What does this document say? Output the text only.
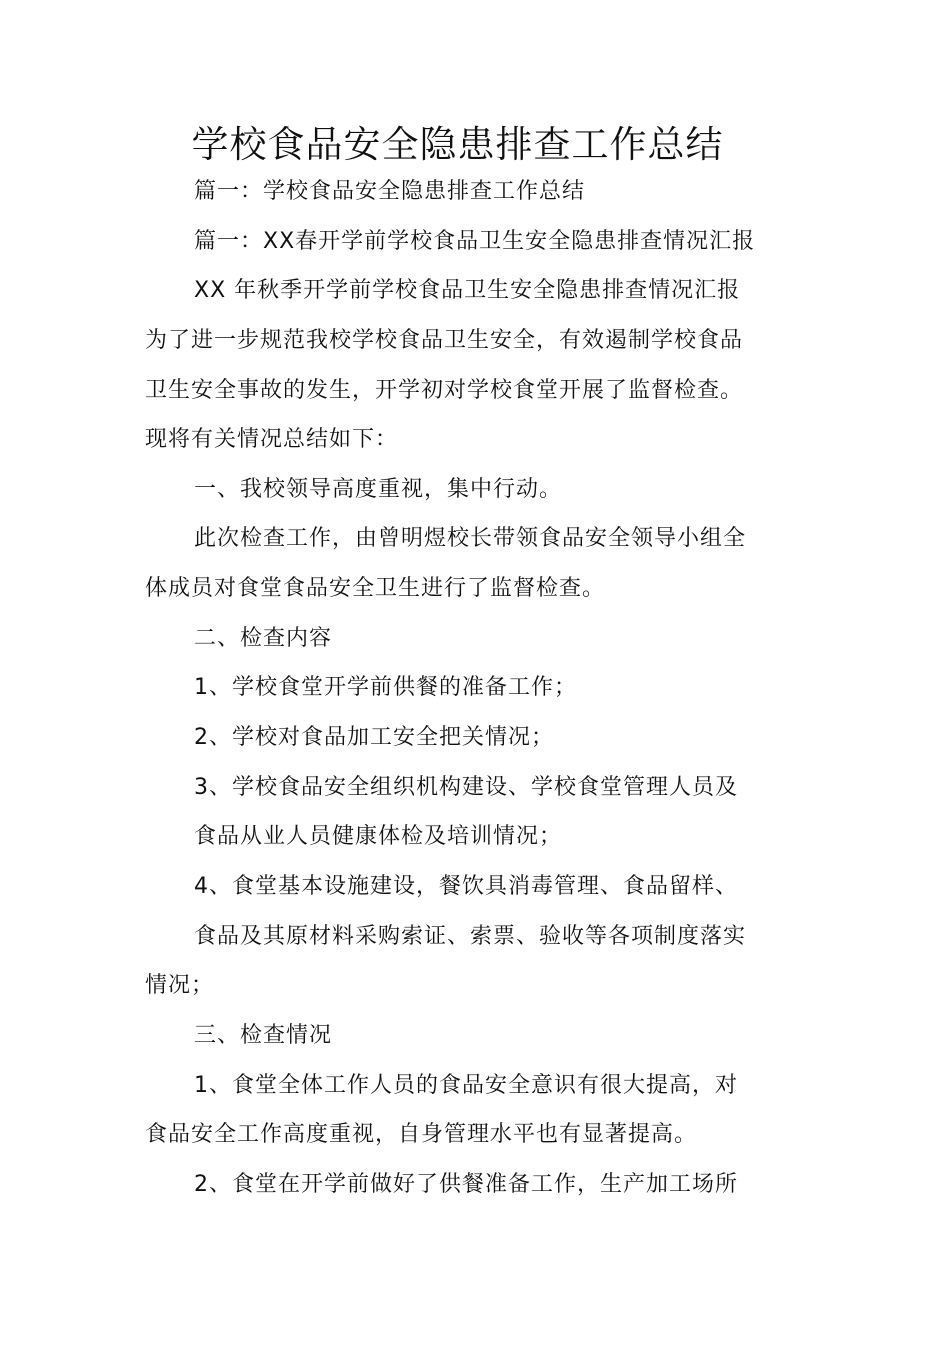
学校食品安全隐患排查工作总结
篇一：学校食品安全隐患排查工作总结
篇一：XX春开学前学校食品卫生安全隐患排查情况汇报
XX 年秋季开学前学校食品卫生安全隐患排查情况汇报
为了进一步规范我校学校食品卫生安全，有效遏制学校食品
卫生安全事故的发生，开学初对学校食堂开展了监督检查。
现将有关情况总结如下：
一、我校领导高度重视，集中行动。
此次检查工作，由曾明煜校长带领食品安全领导小组全
体成员对食堂食品安全卫生进行了监督检查。
二、检查内容
1、学校食堂开学前供餐的准备工作；
2、学校对食品加工安全把关情况；
3、学校食品安全组织机构建设、学校食堂管理人员及
食品从业人员健康体检及培训情况；
4、食堂基本设施建设，餐饮具消毒管理、食品留样、
食品及其原材料采购索证、索票、验收等各项制度落实
情况；
三、检查情况
1、食堂全体工作人员的食品安全意识有很大提高，对
食品安全工作高度重视，自身管理水平也有显著提高。
2、食堂在开学前做好了供餐准备工作，生产加工场所
